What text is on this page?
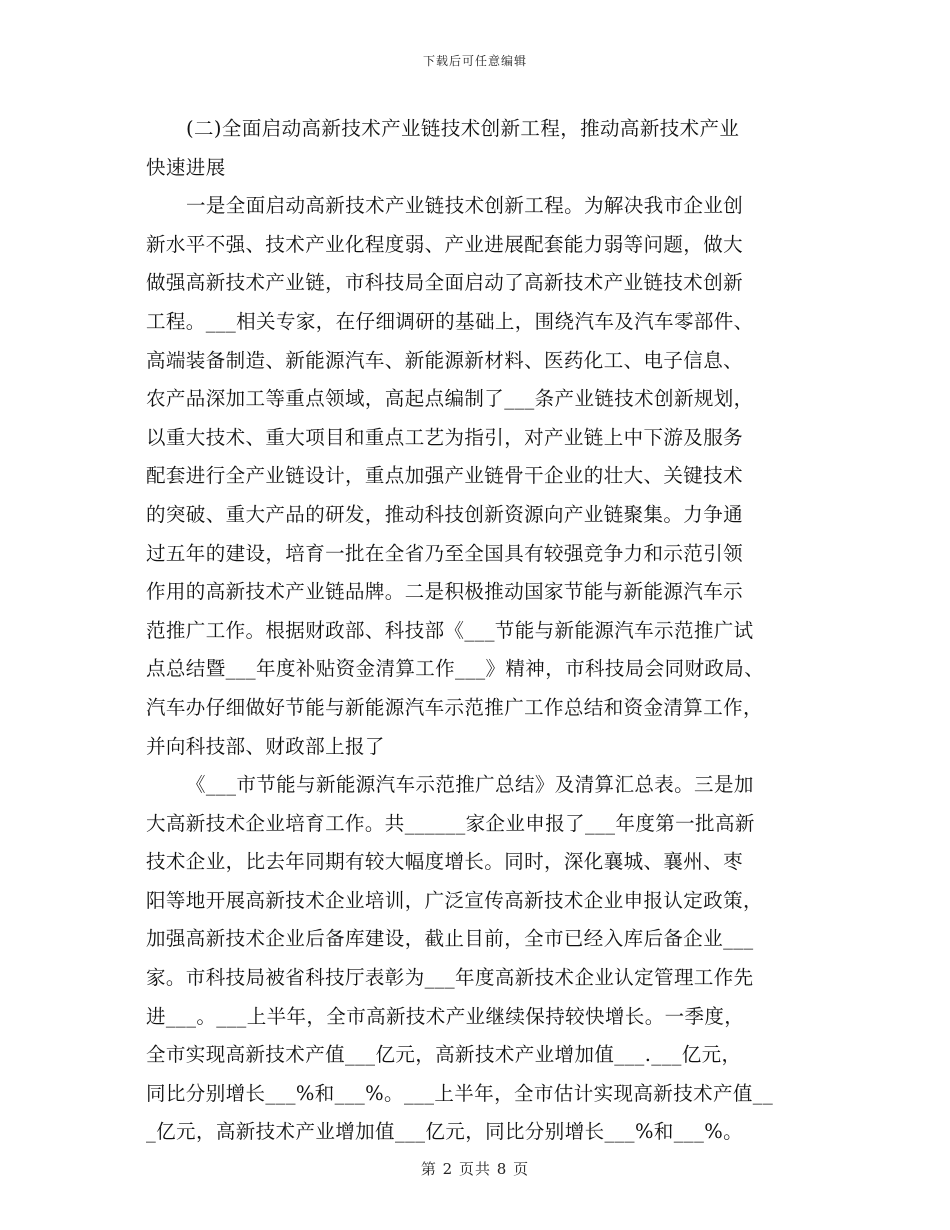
下载后可任意编辑
(二)全面启动高新技术产业链技术创新工程，推动高新技术产业
快速进展
一是全面启动高新技术产业链技术创新工程。为解决我市企业创
新水平不强、技术产业化程度弱、产业进展配套能力弱等问题，做大
做强高新技术产业链，市科技局全面启动了高新技术产业链技术创新
工程。___相关专家，在仔细调研的基础上，围绕汽车及汽车零部件、
高端装备制造、新能源汽车、新能源新材料、医药化工、电子信息、
农产品深加工等重点领域，高起点编制了___条产业链技术创新规划，
以重大技术、重大项目和重点工艺为指引，对产业链上中下游及服务
配套进行全产业链设计，重点加强产业链骨干企业的壮大、关键技术
的突破、重大产品的研发，推动科技创新资源向产业链聚集。力争通
过五年的建设，培育一批在全省乃至全国具有较强竞争力和示范引领
作用的高新技术产业链品牌。二是积极推动国家节能与新能源汽车示
范推广工作。根据财政部、科技部《___节能与新能源汽车示范推广试
点总结暨___年度补贴资金清算工作___》精神，市科技局会同财政局、
汽车办仔细做好节能与新能源汽车示范推广工作总结和资金清算工作，
并向科技部、财政部上报了
《___市节能与新能源汽车示范推广总结》及清算汇总表。三是加
大高新技术企业培育工作。共______家企业申报了___年度第一批高新
技术企业，比去年同期有较大幅度增长。同时，深化襄城、襄州、枣
阳等地开展高新技术企业培训，广泛宣传高新技术企业申报认定政策，
加强高新技术企业后备库建设，截止目前，全市已经入库后备企业___
家。市科技局被省科技厅表彰为___年度高新技术企业认定管理工作先
进___。___上半年，全市高新技术产业继续保持较快增长。一季度，
全市实现高新技术产值___亿元，高新技术产业增加值___.___亿元，
同比分别增长___%和___%。___上半年，全市估计实现高新技术产值__
_亿元，高新技术产业增加值___亿元，同比分别增长___%和___%。
第 2 页共 8 页
